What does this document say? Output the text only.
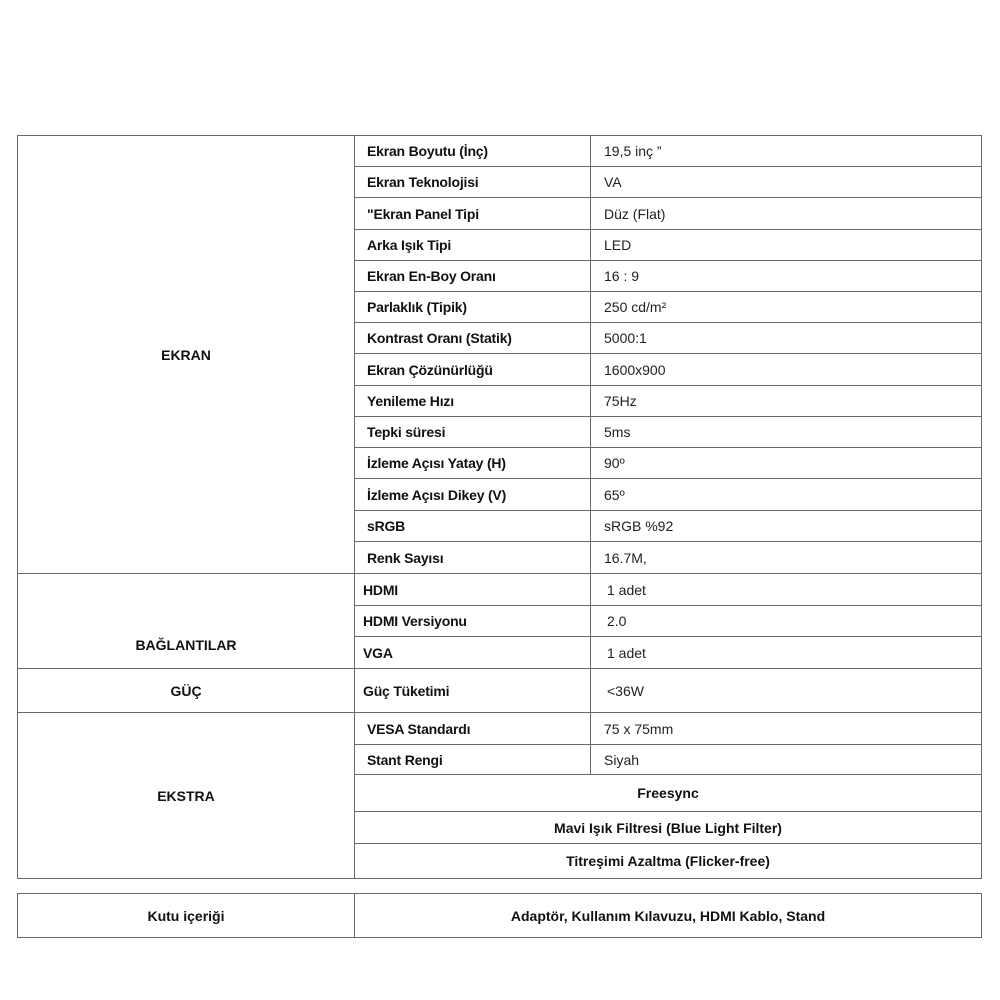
EKRAN	Ekran Boyutu (İnç)	19,5 inç ”
	Ekran Teknolojisi	VA
	"Ekran Panel Tipi	Düz (Flat)
	Arka Işık Tipi	LED
	Ekran En-Boy Oranı	16 : 9
	Parlaklık (Tipik)	250 cd/m²
	Kontrast Oranı (Statik)	5000:1
	Ekran Çözünürlüğü	1600x900
	Yenileme Hızı	75Hz
	Tepki süresi	5ms
	İzleme Açısı Yatay (H)	90º
	İzleme Açısı Dikey (V)	65º
	sRGB	sRGB %92
	Renk Sayısı	16.7M,
BAĞLANTILAR	HDMI	1 adet
	HDMI Versiyonu	2.0
	VGA	1 adet
GÜÇ	Güç Tüketimi	<36W
EKSTRA	VESA Standardı	75 x 75mm
	Stant Rengi	Siyah
	Freesync	
	Mavi Işık Filtresi (Blue Light Filter)	
	Titreşimi Azaltma (Flicker-free)	
Kutu içeriği	Adaptör, Kullanım Kılavuzu, HDMI Kablo, Stand
